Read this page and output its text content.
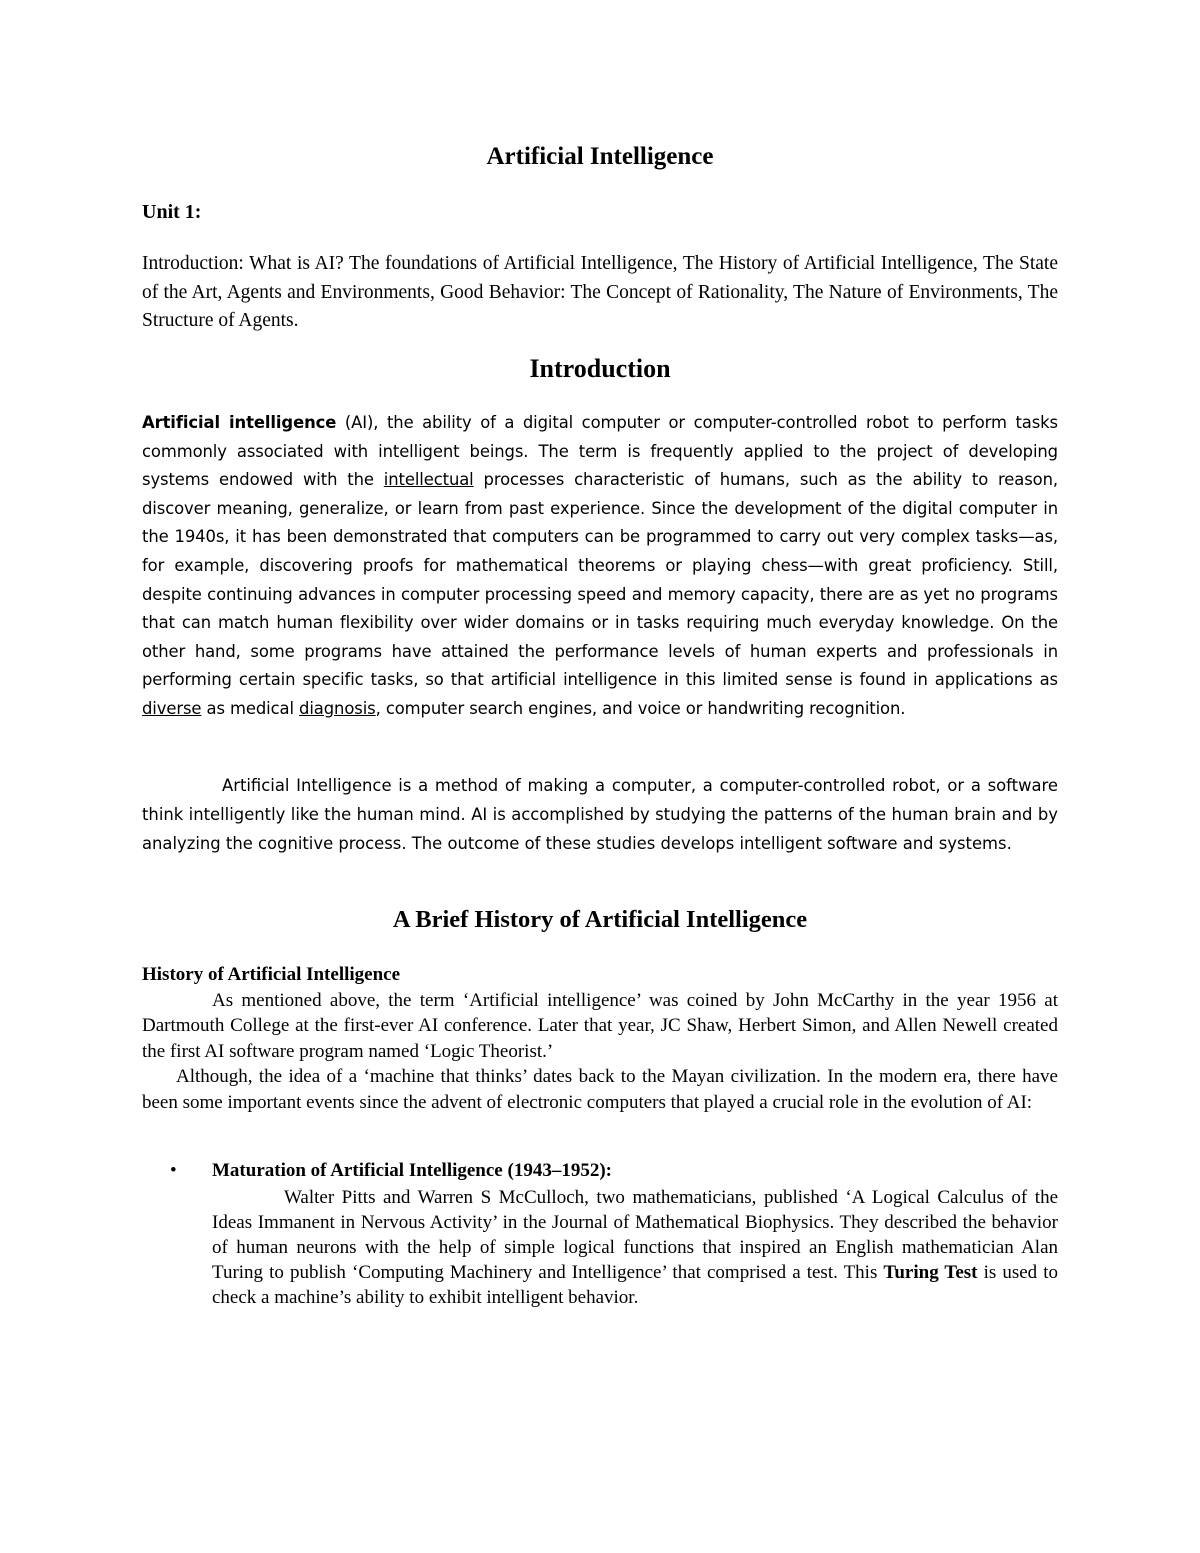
Artificial Intelligence

Unit 1:

Introduction: What is AI? The foundations of Artificial Intelligence, The History of Artificial Intelligence, The State of the Art, Agents and Environments, Good Behavior: The Concept of Rationality, The Nature of Environments, The Structure of Agents.

Introduction

Artificial intelligence (AI), the ability of a digital computer or computer-controlled robot to perform tasks commonly associated with intelligent beings. The term is frequently applied to the project of developing systems endowed with the intellectual processes characteristic of humans, such as the ability to reason, discover meaning, generalize, or learn from past experience. Since the development of the digital computer in the 1940s, it has been demonstrated that computers can be programmed to carry out very complex tasks—as, for example, discovering proofs for mathematical theorems or playing chess—with great proficiency. Still, despite continuing advances in computer processing speed and memory capacity, there are as yet no programs that can match human flexibility over wider domains or in tasks requiring much everyday knowledge. On the other hand, some programs have attained the performance levels of human experts and professionals in performing certain specific tasks, so that artificial intelligence in this limited sense is found in applications as diverse as medical diagnosis, computer search engines, and voice or handwriting recognition.

Artificial Intelligence is a method of making a computer, a computer-controlled robot, or a software think intelligently like the human mind. AI is accomplished by studying the patterns of the human brain and by analyzing the cognitive process. The outcome of these studies develops intelligent software and systems.

A Brief History of Artificial Intelligence
History of Artificial Intelligence
As mentioned above, the term ‘Artificial intelligence’ was coined by John McCarthy in the year 1956 at Dartmouth College at the first-ever AI conference. Later that year, JC Shaw, Herbert Simon, and Allen Newell created the first AI software program named ‘Logic Theorist.’
Although, the idea of a ‘machine that thinks’ dates back to the Mayan civilization. In the modern era, there have been some important events since the advent of electronic computers that played a crucial role in the evolution of AI:
• Maturation of Artificial Intelligence (1943–1952):

Walter Pitts and Warren S McCulloch, two mathematicians, published ‘A Logical Calculus of the Ideas Immanent in Nervous Activity’ in the Journal of Mathematical Biophysics. They described the behavior of human neurons with the help of simple logical functions that inspired an English mathematician Alan Turing to publish ‘Computing Machinery and Intelligence’ that comprised a test. This Turing Test is used to check a machine’s ability to exhibit intelligent behavior.
